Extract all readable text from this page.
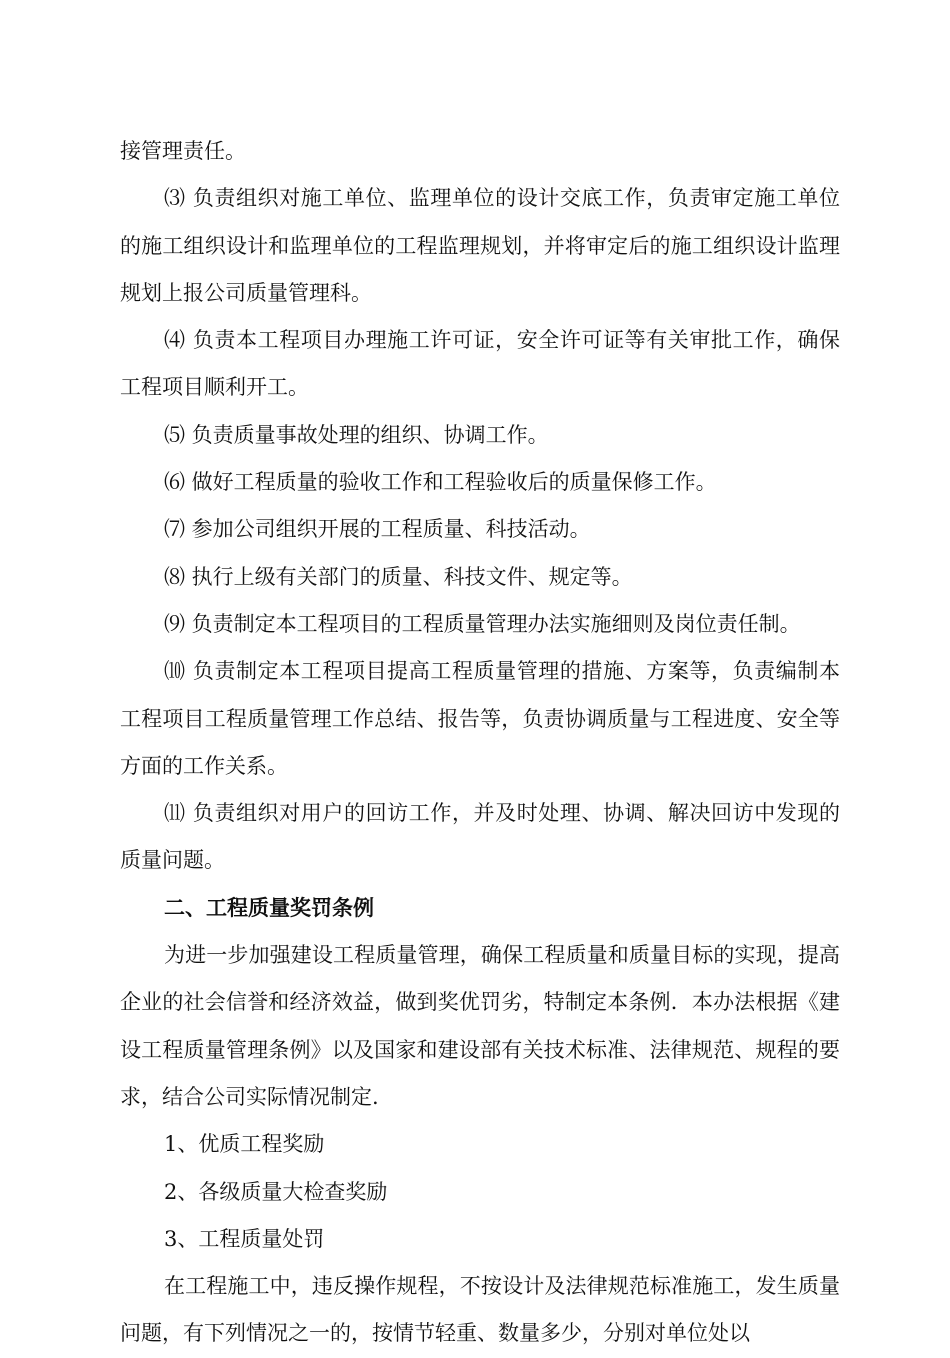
接管理责任。

⑶ 负责组织对施工单位、监理单位的设计交底工作，负责审定施工单位的施工组织设计和监理单位的工程监理规划，并将审定后的施工组织设计监理规划上报公司质量管理科。

⑷ 负责本工程项目办理施工许可证，安全许可证等有关审批工作，确保工程项目顺利开工。

⑸ 负责质量事故处理的组织、协调工作。

⑹ 做好工程质量的验收工作和工程验收后的质量保修工作。

⑺ 参加公司组织开展的工程质量、科技活动。

⑻ 执行上级有关部门的质量、科技文件、规定等。

⑼ 负责制定本工程项目的工程质量管理办法实施细则及岗位责任制。

⑽ 负责制定本工程项目提高工程质量管理的措施、方案等，负责编制本工程项目工程质量管理工作总结、报告等，负责协调质量与工程进度、安全等方面的工作关系。

⑾ 负责组织对用户的回访工作，并及时处理、协调、解决回访中发现的质量问题。

二、工程质量奖罚条例

为进一步加强建设工程质量管理，确保工程质量和质量目标的实现，提高企业的社会信誉和经济效益，做到奖优罚劣，特制定本条例．本办法根据《建设工程质量管理条例》以及国家和建设部有关技术标准、法律规范、规程的要求，结合公司实际情况制定.

1、优质工程奖励

2、各级质量大检查奖励

3、工程质量处罚

在工程施工中，违反操作规程，不按设计及法律规范标准施工，发生质量问题，有下列情况之一的，按情节轻重、数量多少，分别对单位处以
